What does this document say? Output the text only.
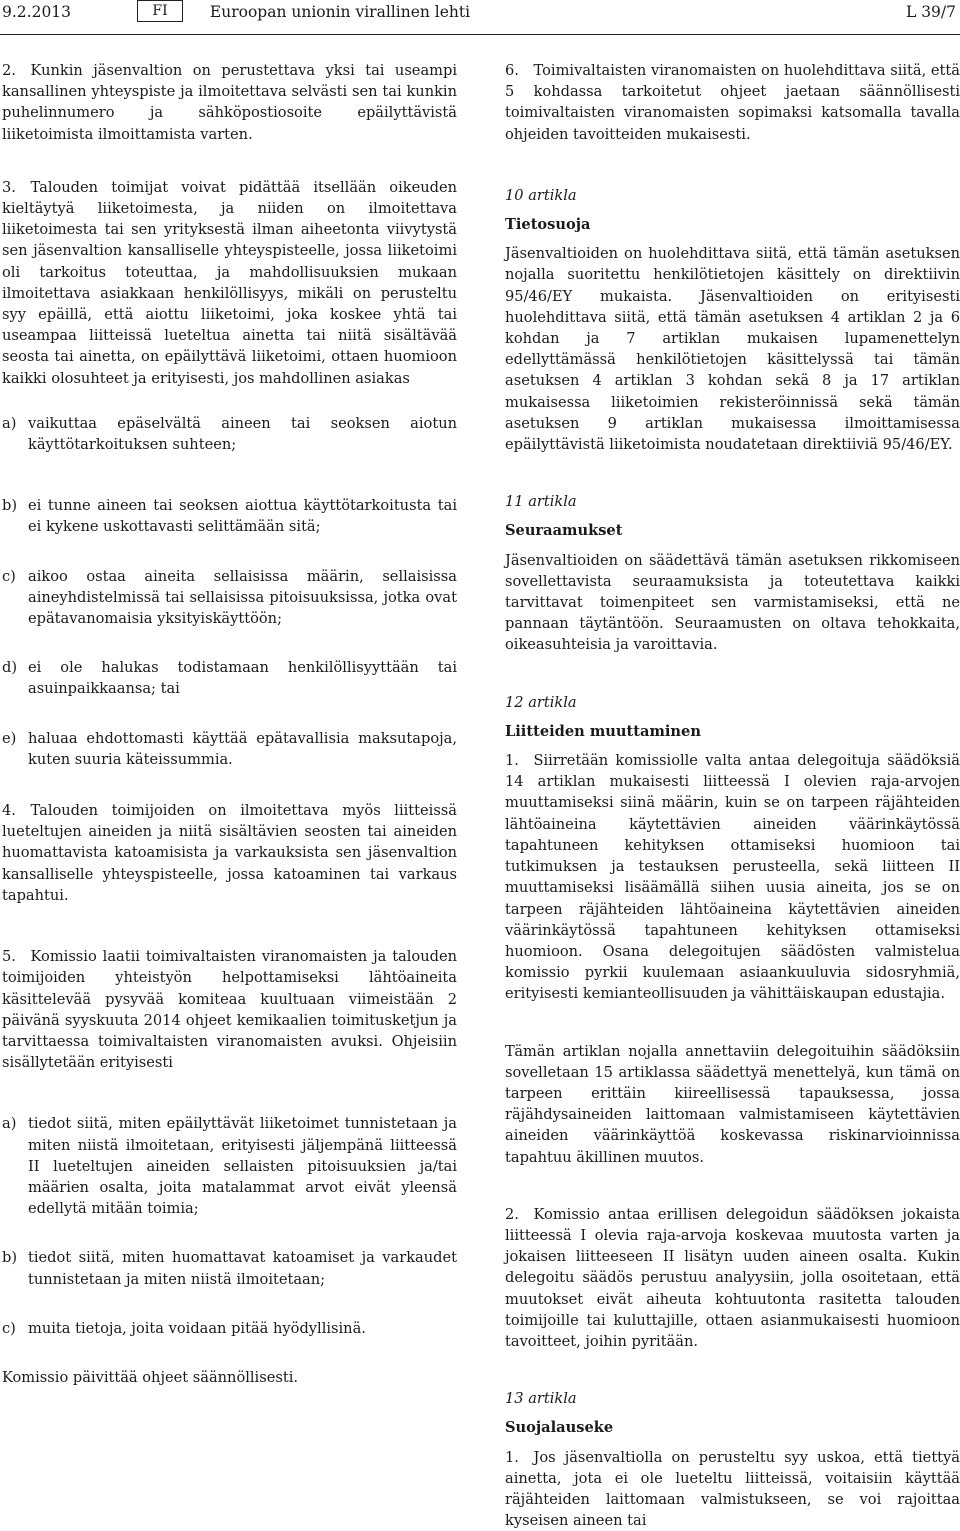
9.2.2013	FI	Euroopan unionin virallinen lehti	L 39/7

2. Kunkin jäsenvaltion on perustettava yksi tai useampi kansallinen yhteyspiste ja ilmoitettava selvästi sen tai kunkin puhelinnumero ja sähköpostiosoite epäilyttävistä liiketoimista ilmoittamista varten.

3. Talouden toimijat voivat pidättää itsellään oikeuden kieltäytyä liiketoimesta, ja niiden on ilmoitettava liiketoimesta tai sen yrityksestä ilman aiheetonta viivytystä sen jäsenvaltion kansalliselle yhteyspisteelle, jossa liiketoimi oli tarkoitus toteuttaa, ja mahdollisuuksien mukaan ilmoitettava asiakkaan henkilöllisyys, mikäli on perusteltu syy epäillä, että aiottu liiketoimi, joka koskee yhtä tai useampaa liitteissä lueteltua ainetta tai niitä sisältävää seosta tai ainetta, on epäilyttävä liiketoimi, ottaen huomioon kaikki olosuhteet ja erityisesti, jos mahdollinen asiakas

a) vaikuttaa epäselvältä aineen tai seoksen aiotun käyttötarkoituksen suhteen;
b) ei tunne aineen tai seoksen aiottua käyttötarkoitusta tai ei kykene uskottavasti selittämään sitä;
c) aikoo ostaa aineita sellaisissa määrin, sellaisissa aineyhdistelmissä tai sellaisissa pitoisuuksissa, jotka ovat epätavanomaisia yksityiskäyttöön;
d) ei ole halukas todistamaan henkilöllisyyttään tai asuinpaikkaansa; tai
e) haluaa ehdottomasti käyttää epätavallisia maksutapoja, kuten suuria käteissummia.

4. Talouden toimijoiden on ilmoitettava myös liitteissä lueteltujen aineiden ja niitä sisältävien seosten tai aineiden huomattavista katoamisista ja varkauksista sen jäsenvaltion kansalliselle yhteyspisteelle, jossa katoaminen tai varkaus tapahtui.

5. Komissio laatii toimivaltaisten viranomaisten ja talouden toimijoiden yhteistyön helpottamiseksi lähtöaineita käsittelevää pysyvää komiteaa kuultuaan viimeistään 2 päivänä syyskuuta 2014 ohjeet kemikaalien toimitusketjun ja tarvittaessa toimivaltaisten viranomaisten avuksi. Ohjeisiin sisällytetään erityisesti

a) tiedot siitä, miten epäilyttävät liiketoimet tunnistetaan ja miten niistä ilmoitetaan, erityisesti jäljempänä liitteessä II lueteltujen aineiden sellaisten pitoisuuksien ja/tai määrien osalta, joita matalammat arvot eivät yleensä edellytä mitään toimia;
b) tiedot siitä, miten huomattavat katoamiset ja varkaudet tunnistetaan ja miten niistä ilmoitetaan;
c) muita tietoja, joita voidaan pitää hyödyllisinä.

Komissio päivittää ohjeet säännöllisesti.

6. Toimivaltaisten viranomaisten on huolehdittava siitä, että 5 kohdassa tarkoitetut ohjeet jaetaan säännöllisesti toimivaltaisten viranomaisten sopimaksi katsomalla tavalla ohjeiden tavoitteiden mukaisesti.

10 artikla

Tietosuoja

Jäsenvaltioiden on huolehdittava siitä, että tämän asetuksen nojalla suoritettu henkilötietojen käsittely on direktiivin 95/46/EY mukaista. Jäsenvaltioiden on erityisesti huolehdittava siitä, että tämän asetuksen 4 artiklan 2 ja 6 kohdan ja 7 artiklan mukaisen lupamenettelyn edellyttämässä henkilötietojen käsittelyssä tai tämän asetuksen 4 artiklan 3 kohdan sekä 8 ja 17 artiklan mukaisessa liiketoimien rekisteröinnissä sekä tämän asetuksen 9 artiklan mukaisessa ilmoittamisessa epäilyttävistä liiketoimista noudatetaan direktiiviä 95/46/EY.

11 artikla

Seuraamukset

Jäsenvaltioiden on säädettävä tämän asetuksen rikkomiseen sovellettavista seuraamuksista ja toteutettava kaikki tarvittavat toimenpiteet sen varmistamiseksi, että ne pannaan täytäntöön. Seuraamusten on oltava tehokkaita, oikeasuhteisia ja varoittavia.

12 artikla

Liitteiden muuttaminen

1. Siirretään komissiolle valta antaa delegoituja säädöksiä 14 artiklan mukaisesti liitteessä I olevien raja-arvojen muuttamiseksi siinä määrin, kuin se on tarpeen räjähteiden lähtöaineina käytettävien aineiden väärinkäytössä tapahtuneen kehityksen ottamiseksi huomioon tai tutkimuksen ja testauksen perusteella, sekä liitteen II muuttamiseksi lisäämällä siihen uusia aineita, jos se on tarpeen räjähteiden lähtöaineina käytettävien aineiden väärinkäytössä tapahtuneen kehityksen ottamiseksi huomioon. Osana delegoitujen säädösten valmistelua komissio pyrkii kuulemaan asiaankuuluvia sidosryhmiä, erityisesti kemianteollisuuden ja vähittäiskaupan edustajia.

Tämän artiklan nojalla annettaviin delegoituihin säädöksiin sovelletaan 15 artiklassa säädettyä menettelyä, kun tämä on tarpeen erittäin kiireellisessä tapauksessa, jossa räjähdysaineiden laittomaan valmistamiseen käytettävien aineiden väärinkäyttöä koskevassa riskinarvioinnissa tapahtuu äkillinen muutos.

2. Komissio antaa erillisen delegoidun säädöksen jokaista liitteessä I olevia raja-arvoja koskevaa muutosta varten ja jokaisen liitteeseen II lisätyn uuden aineen osalta. Kukin delegoitu säädös perustuu analyysiin, jolla osoitetaan, että muutokset eivät aiheuta kohtuutonta rasitetta talouden toimijoille tai kuluttajille, ottaen asianmukaisesti huomioon tavoitteet, joihin pyritään.

13 artikla

Suojalauseke

1. Jos jäsenvaltiolla on perusteltu syy uskoa, että tiettyä ainetta, jota ei ole lueteltu liitteissä, voitaisiin käyttää räjähteiden laittomaan valmistukseen, se voi rajoittaa kyseisen aineen tai
